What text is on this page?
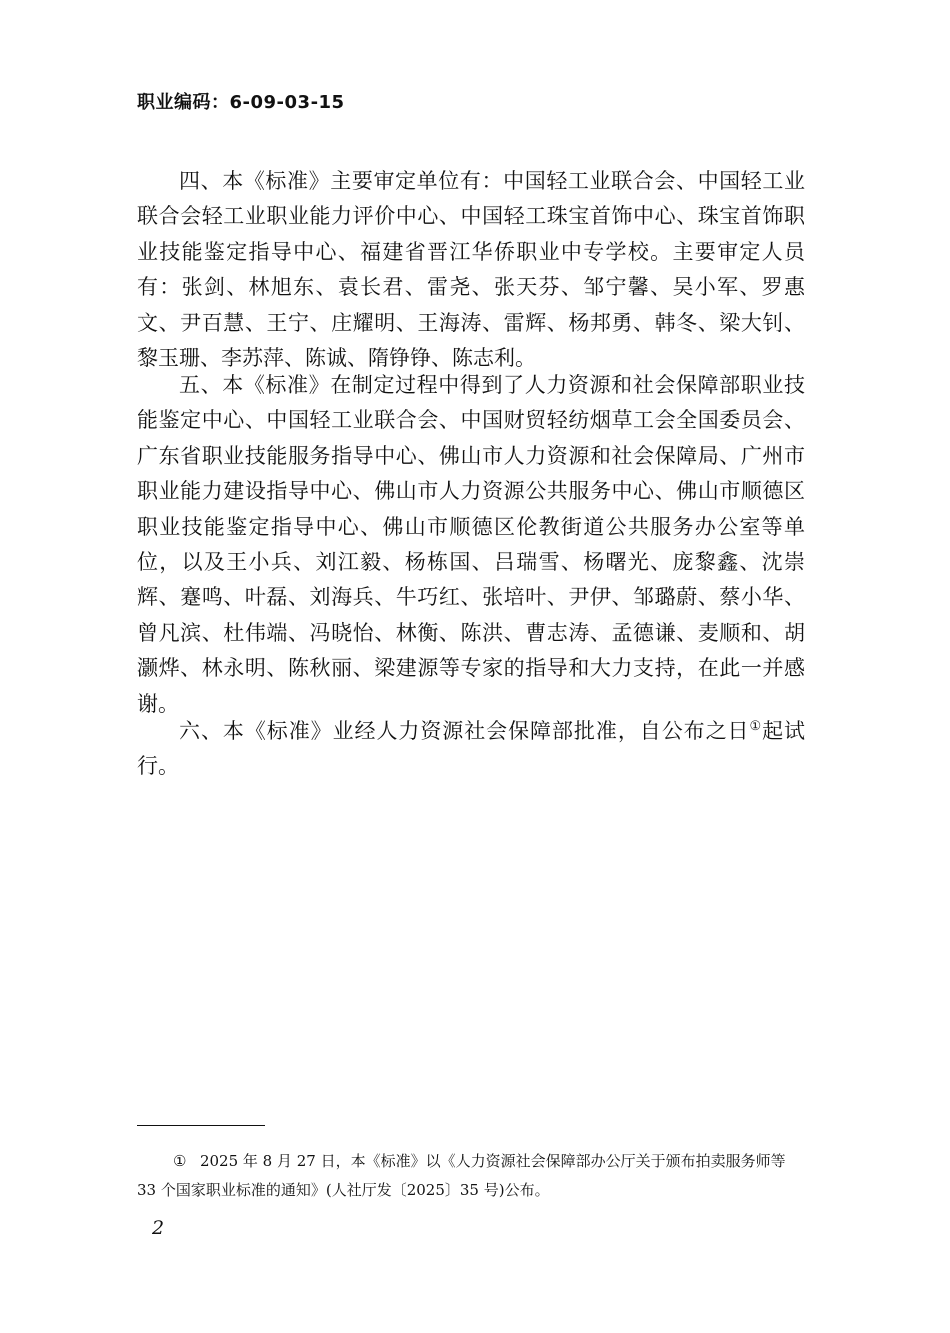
职业编码：6-09-03-15

四、本《标准》主要审定单位有：中国轻工业联合会、中国轻工业联合会轻工业职业能力评价中心、中国轻工珠宝首饰中心、珠宝首饰职业技能鉴定指导中心、福建省晋江华侨职业中专学校。主要审定人员有：张剑、林旭东、袁长君、雷尧、张天芬、邹宁馨、吴小军、罗惠文、尹百慧、王宁、庄耀明、王海涛、雷辉、杨邦勇、韩冬、梁大钊、黎玉珊、李苏萍、陈诚、隋铮铮、陈志利。

五、本《标准》在制定过程中得到了人力资源和社会保障部职业技能鉴定中心、中国轻工业联合会、中国财贸轻纺烟草工会全国委员会、广东省职业技能服务指导中心、佛山市人力资源和社会保障局、广州市职业能力建设指导中心、佛山市人力资源公共服务中心、佛山市顺德区职业技能鉴定指导中心、佛山市顺德区伦教街道公共服务办公室等单位，以及王小兵、刘江毅、杨栋国、吕瑞雪、杨曙光、庞黎鑫、沈崇辉、蹇鸣、叶磊、刘海兵、牛巧红、张培叶、尹伊、邹璐蔚、蔡小华、曾凡滨、杜伟端、冯晓怡、林衡、陈洪、曹志涛、孟德谦、麦顺和、胡灏烨、林永明、陈秋丽、梁建源等专家的指导和大力支持，在此一并感谢。

六、本《标准》业经人力资源社会保障部批准，自公布之日①起试行。

① 2025 年 8 月 27 日，本《标准》以《人力资源社会保障部办公厅关于颁布拍卖服务师等 33 个国家职业标准的通知》(人社厅发〔2025〕35 号)公布。

2
